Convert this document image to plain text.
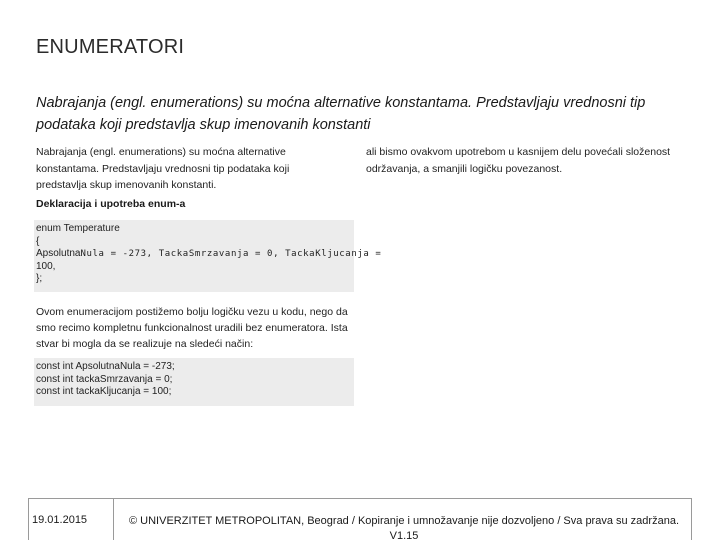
ENUMERATORI
Nabrajanja (engl. enumerations) su moćna alternative konstantama. Predstavljaju vrednosni tip podataka koji predstavlja skup imenovanih konstanti
Nabrajanja (engl. enumerations) su moćna alternative konstantama. Predstavljaju vrednosni tip podataka koji predstavlja skup imenovanih konstanti.
ali bismo ovakvom upotrebom u kasnijem delu povećali složenost održavanja, a smanjili logičku povezanost.
Deklaracija i upotreba enum-a
enum Temperature
{
ApsolutnaNula = -273, TackaSmrzavanja = 0, TackaKljucanja =
100,
};
Ovom enumeracijom postižemo bolju logičku vezu u kodu, nego da smo recimo kompletnu funkcionalnost uradili bez enumeratora. Ista stvar bi mogla da se realizuje na sledeći način:
const int ApsolutnaNula = -273;
const int tackaSmrzavanja = 0;
const int tackaKljucanja = 100;
19.01.2015	© UNIVERZITET METROPOLITAN, Beograd / Kopiranje i umnožavanje nije dozvoljeno / Sva prava su zadržana.
V1.15
